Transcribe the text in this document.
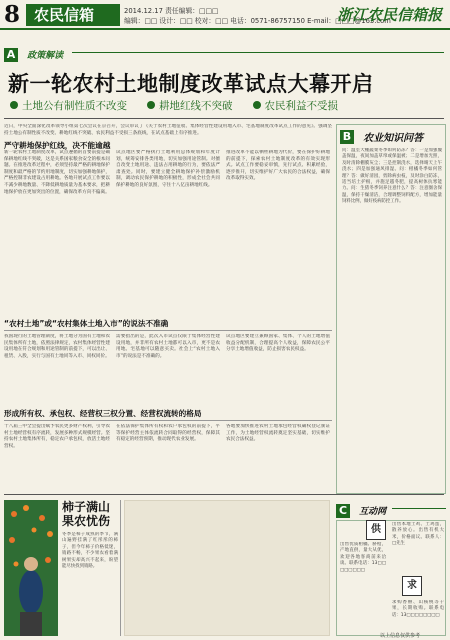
8 农民信箱	2014.12.17 责任编辑：□□□
编辑：□□ 设计：□□ 校对：□□ 电话：0571-86757150 E-mail：□□□@163.com
浙江农民信箱报
A 政策解读
新一轮农村土地制度改革试点大幕开启
土地公有制性质不改变	耕地红线不突破	农民利益不受损
近日，中央全面深化改革领导小组第七次会议在京召开，会议审议了《关于农村土地征收、集体经营性建设用地入市、宅基地制度改革试点工作的意见》。强调坚持土地公有制性质不改变、耕地红线不突破、农民利益不受损三条底线，在试点基础上有序推进。
严守耕地保护红线，决不能逾越
新一轮农村土地制度改革，试点遵循的首要前提是确保耕地红线不突破，这是关系国家粮食安全的根本问题。在推进改革过程中，必须坚持最严格的耕地保护制度和最严格的节约用地制度，切实加强耕地保护，严格控制非农建设占用耕地。各地开展试点工作要以不减少耕地数量、不降低耕地质量为基本要求，把耕地保护放在更加突出的位置，确保改革方向不偏离。
试点地区要严格执行土地利用总体规划和年度计划，统筹安排各类用地，切实加强用途管制。对擅自改变土地用途、违法占用耕地的行为，要依法严肃查处。同时，要建立健全耕地保护补偿激励机制，调动农民保护耕地的积极性，形成全社会共同保护耕地的良好氛围，守住十八亿亩耕地红线。
推进改革不能以牺牲耕地为代价，要在保护好耕地的前提下，探索农村土地制度改革的有效实现形式。试点工作要稳妥审慎，先行试点、积累经验，逐步推开，切实维护好广大农民的合法权益，确保改革取得实效。
“农村土地”或“农村集体土地入市”的说法不准确
我国现行的土地管理制度，将土地分为国有土地和农民集体所有土地，依照法律规定，农村集体经营性建设用地在符合规划和用途管制的前提下，可以出让、租赁、入股，实行与国有土地同等入市、同权同价。
需要指出的是，此次入市试点仅限于集体经营性建设用地，并非所有农村土地都可以入市，更不是农用地、宅基地可以随意买卖。社会上“农村土地入市”的说法是不准确的。
试点地区要建立兼顾国家、集体、个人的土地增值收益分配机制，合理提高个人收益，保障农民公平分享土地增值收益，防止损害农民权益。
形成所有权、承包权、经营权三权分置、经营权流转的格局
十八届三中全会提出赋予农民更多财产权利，引导农村土地经营权有序流转，发展多种形式规模经营。坚持农村土地集体所有，稳定农户承包权，放活土地经营权。
在依法保护集体所有权和农户承包权的前提下，平等保护经营主体依流转合同取得的经营权，保障其有稳定的经营预期，推动现代农业发展。
各地要加快推进农村土地承包经营权确权登记颁证工作，为土地经营权流转奠定坚实基础，切实维护农民合法权益。
B 农业知识问答
问：温室大棚蔬菜冬季如何防冻？答：一是加强覆盖保温，夜间加盖草帘或保温被；二是增加光照，及时清除棚膜灰尘；三是控制浇水，选择晴天上午浇水；四是加强通风排湿。问：柑橘冬季如何管理？答：做好清园，剪除病虫枝，及时涂白防冻，适当培土护根，并施足越冬肥，提高树体抗寒能力。问：生猪冬季饲养注意什么？答：注意圈舍保温，保持干燥清洁，合理调整饲料配方，增加能量饲料比例，做好疫病防控工作。
柿子满山果农忧伤
冬季是柿子成熟的季节，满山遍野挂满了红彤彤的柿子，但今年柿子价格低迷，销路不畅，不少果农看着满树果实却高兴不起来，盼望能尽快找到销路。
C 互动网
供
求
出售优质柑橘、脐橙，产地直供，量大从优，欢迎各地客商前来洽谈。联系电话：13□□□□□□□□
出售本地土鸡、土鸡蛋，散养放心。出售有机大米，价格面议。联系人：□先生
求购香榧、山核桃等干果，长期收购。联系电话：13□□□□□□□□
以上信息仅供参考
